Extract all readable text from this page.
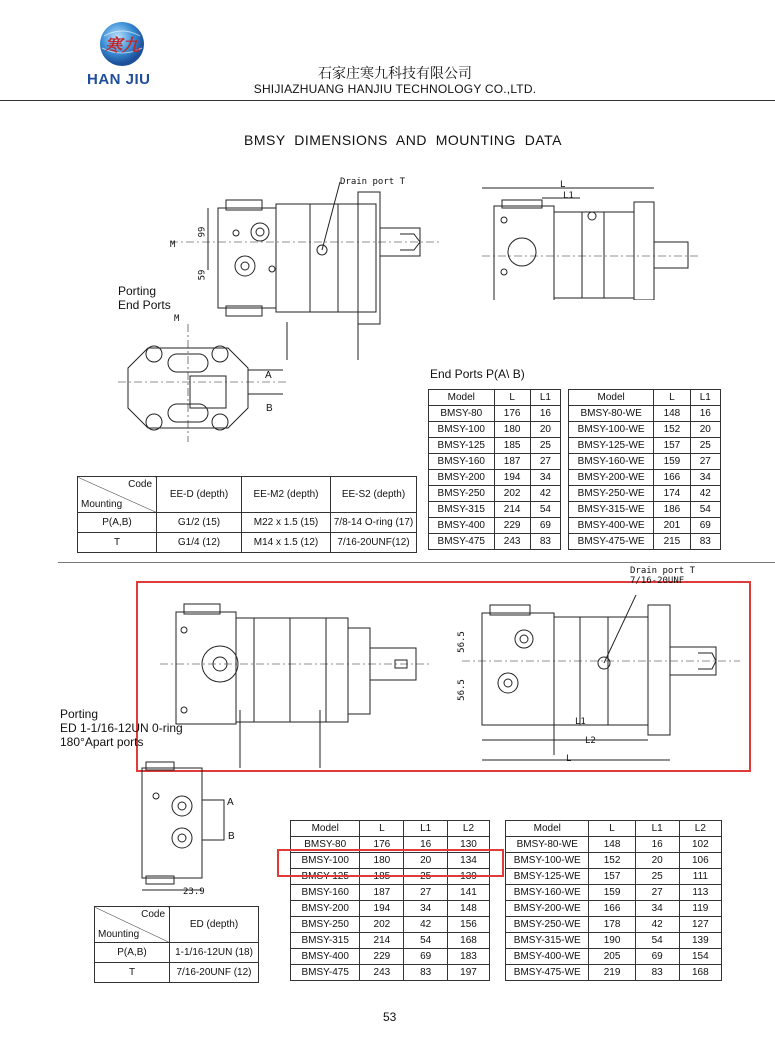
寒九
HAN JIU	石家庄寒九科技有限公司
SHIJIAZHUANG HANJIU TECHNOLOGY CO.,LTD.
BMSY  DIMENSIONS  AND  MOUNTING  DATA
Drain port T
99
59
M
Porting
End Ports
L
L1
M
A
B
End Ports P(A\ B)
Code
Mounting	EE-D (depth)	EE-M2 (depth)	EE-S2 (depth)
P(A,B)	G1/2 (15)	M22 x 1.5 (15)	7/8-14 O-ring (17)
T	G1/4 (12)	M14 x 1.5 (12)	7/16-20UNF(12)
Model	L	L1
BMSY-80	176	16
BMSY-100	180	20
BMSY-125	185	25
BMSY-160	187	27
BMSY-200	194	34
BMSY-250	202	42
BMSY-315	214	54
BMSY-400	229	69
BMSY-475	243	83
Model	L	L1
BMSY-80-WE	148	16
BMSY-100-WE	152	20
BMSY-125-WE	157	25
BMSY-160-WE	159	27
BMSY-200-WE	166	34
BMSY-250-WE	174	42
BMSY-315-WE	186	54
BMSY-400-WE	201	69
BMSY-475-WE	215	83
Drain port T
7/16-20UNF
56.5
56.5
L1
L2
L
Porting
ED 1-1/16-12UN 0-ring
180°Apart ports
A
B
23.9
Code
Mounting	ED (depth)
P(A,B)	1-1/16-12UN (18)
T	7/16-20UNF (12)
Model	L	L1	L2
BMSY-80	176	16	130
BMSY-100	180	20	134
BMSY-125	185	25	139
BMSY-160	187	27	141
BMSY-200	194	34	148
BMSY-250	202	42	156
BMSY-315	214	54	168
BMSY-400	229	69	183
BMSY-475	243	83	197
Model	L	L1	L2
BMSY-80-WE	148	16	102
BMSY-100-WE	152	20	106
BMSY-125-WE	157	25	111
BMSY-160-WE	159	27	113
BMSY-200-WE	166	34	119
BMSY-250-WE	178	42	127
BMSY-315-WE	190	54	139
BMSY-400-WE	205	69	154
BMSY-475-WE	219	83	168
53
